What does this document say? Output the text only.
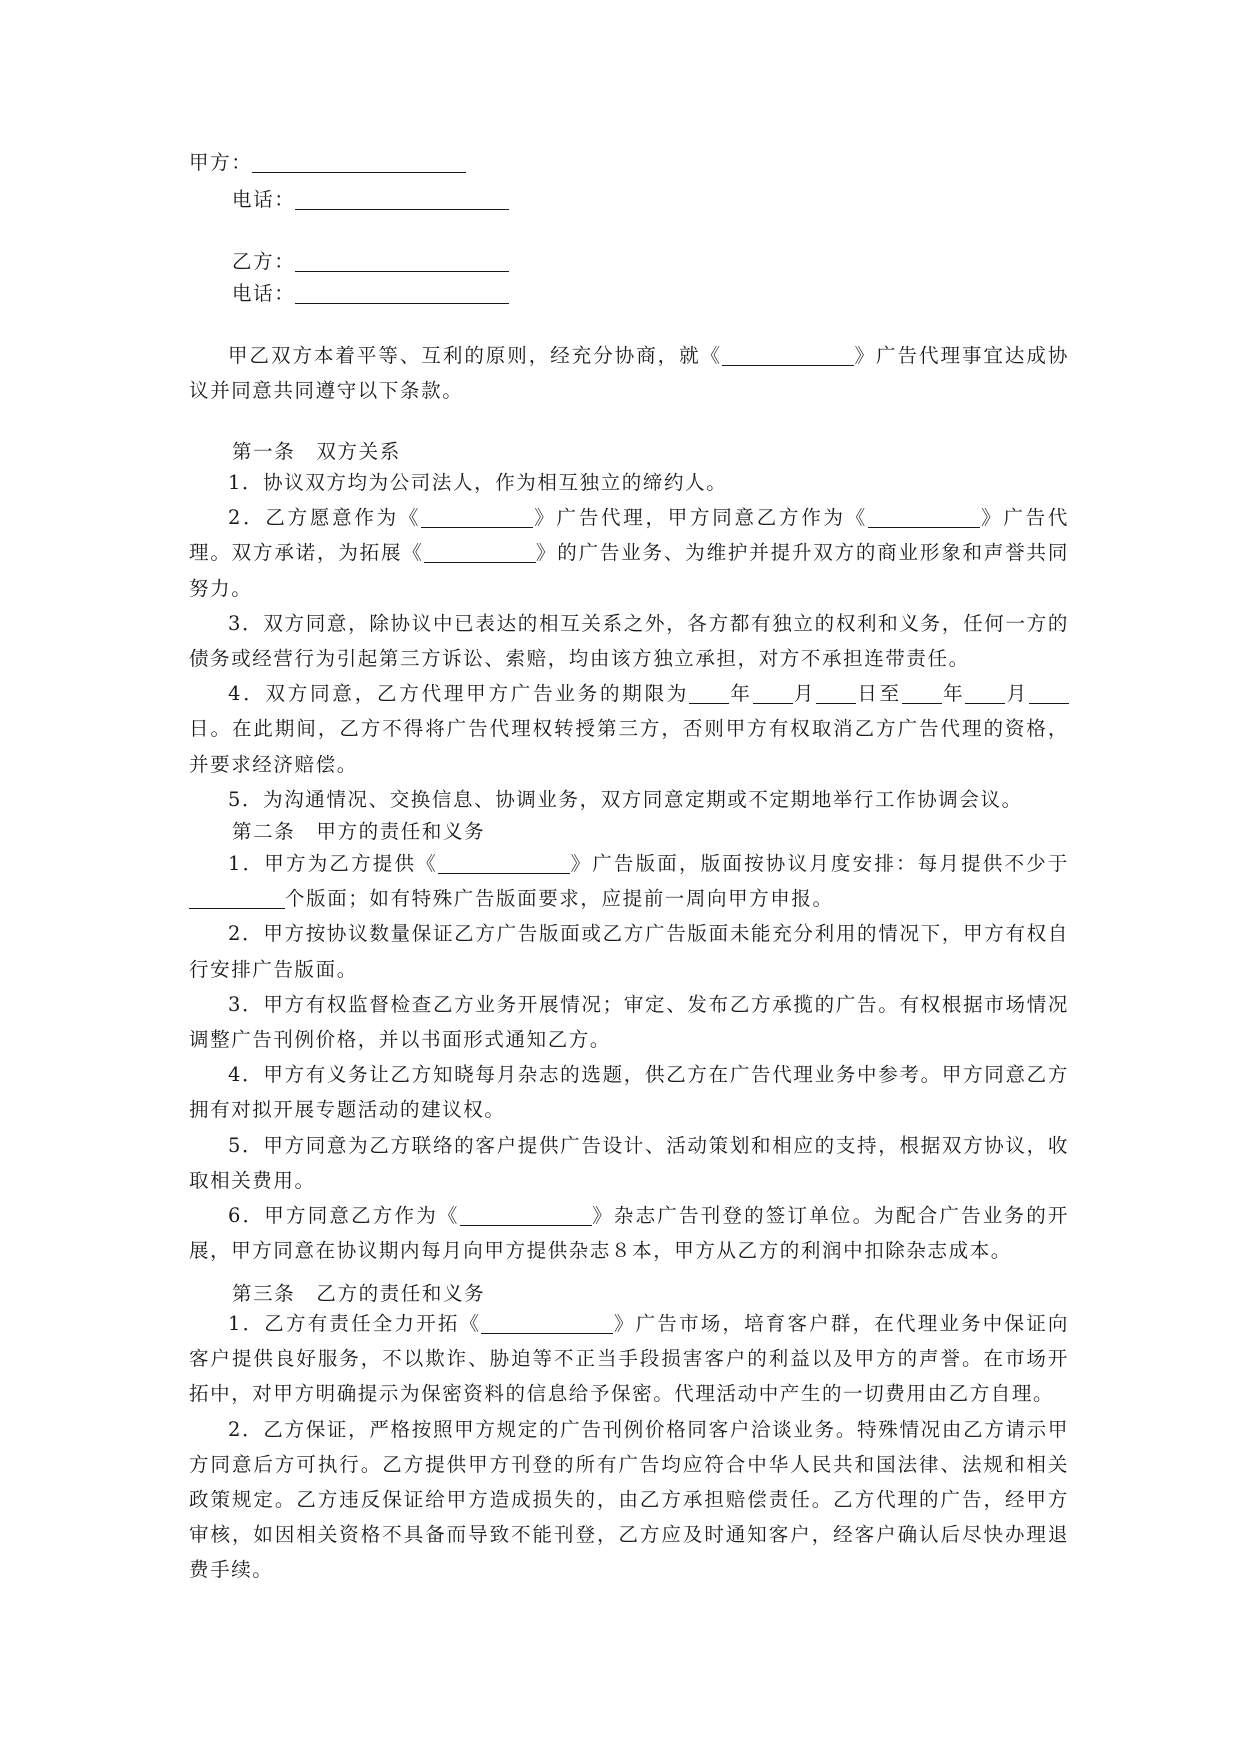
甲方：
电话：
乙方：
电话：

甲乙双方本着平等、互利的原则，经充分协商，就《	》广告代理事宜达成协议并同意共同遵守以下条款。

第一条　双方关系

1．协议双方均为公司法人，作为相互独立的缔约人。

2．乙方愿意作为《	》广告代理，甲方同意乙方作为《	》广告代理。双方承诺，为拓展《	》的广告业务、为维护并提升双方的商业形象和声誉共同努力。

3．双方同意，除协议中已表达的相互关系之外，各方都有独立的权利和义务，任何一方的债务或经营行为引起第三方诉讼、索赔，均由该方独立承担，对方不承担连带责任。

4．双方同意，乙方代理甲方广告业务的期限为 年 月 日至 年 月日。在此期间，乙方不得将广告代理权转授第三方，否则甲方有权取消乙方广告代理的资格，并要求经济赔偿。

5．为沟通情况、交换信息、协调业务，双方同意定期或不定期地举行工作协调会议。

第二条　甲方的责任和义务

1．甲方为乙方提供《	》广告版面，版面按协议月度安排：每月提供不少于个版面；如有特殊广告版面要求，应提前一周向甲方申报。

2．甲方按协议数量保证乙方广告版面或乙方广告版面未能充分利用的情况下，甲方有权自行安排广告版面。

3．甲方有权监督检查乙方业务开展情况；审定、发布乙方承揽的广告。有权根据市场情况调整广告刊例价格，并以书面形式通知乙方。

4．甲方有义务让乙方知晓每月杂志的选题，供乙方在广告代理业务中参考。甲方同意乙方拥有对拟开展专题活动的建议权。

5．甲方同意为乙方联络的客户提供广告设计、活动策划和相应的支持，根据双方协议，收取相关费用。

6．甲方同意乙方作为《	》杂志广告刊登的签订单位。为配合广告业务的开展，甲方同意在协议期内每月向甲方提供杂志８本，甲方从乙方的利润中扣除杂志成本。

第三条　乙方的责任和义务

1．乙方有责任全力开拓《	》广告市场，培育客户群，在代理业务中保证向客户提供良好服务，不以欺诈、胁迫等不正当手段损害客户的利益以及甲方的声誉。在市场开拓中，对甲方明确提示为保密资料的信息给予保密。代理活动中产生的一切费用由乙方自理。

2．乙方保证，严格按照甲方规定的广告刊例价格同客户洽谈业务。特殊情况由乙方请示甲方同意后方可执行。乙方提供甲方刊登的所有广告均应符合中华人民共和国法律、法规和相关政策规定。乙方违反保证给甲方造成损失的，由乙方承担赔偿责任。乙方代理的广告，经甲方审核，如因相关资格不具备而导致不能刊登，乙方应及时通知客户，经客户确认后尽快办理退费手续。
